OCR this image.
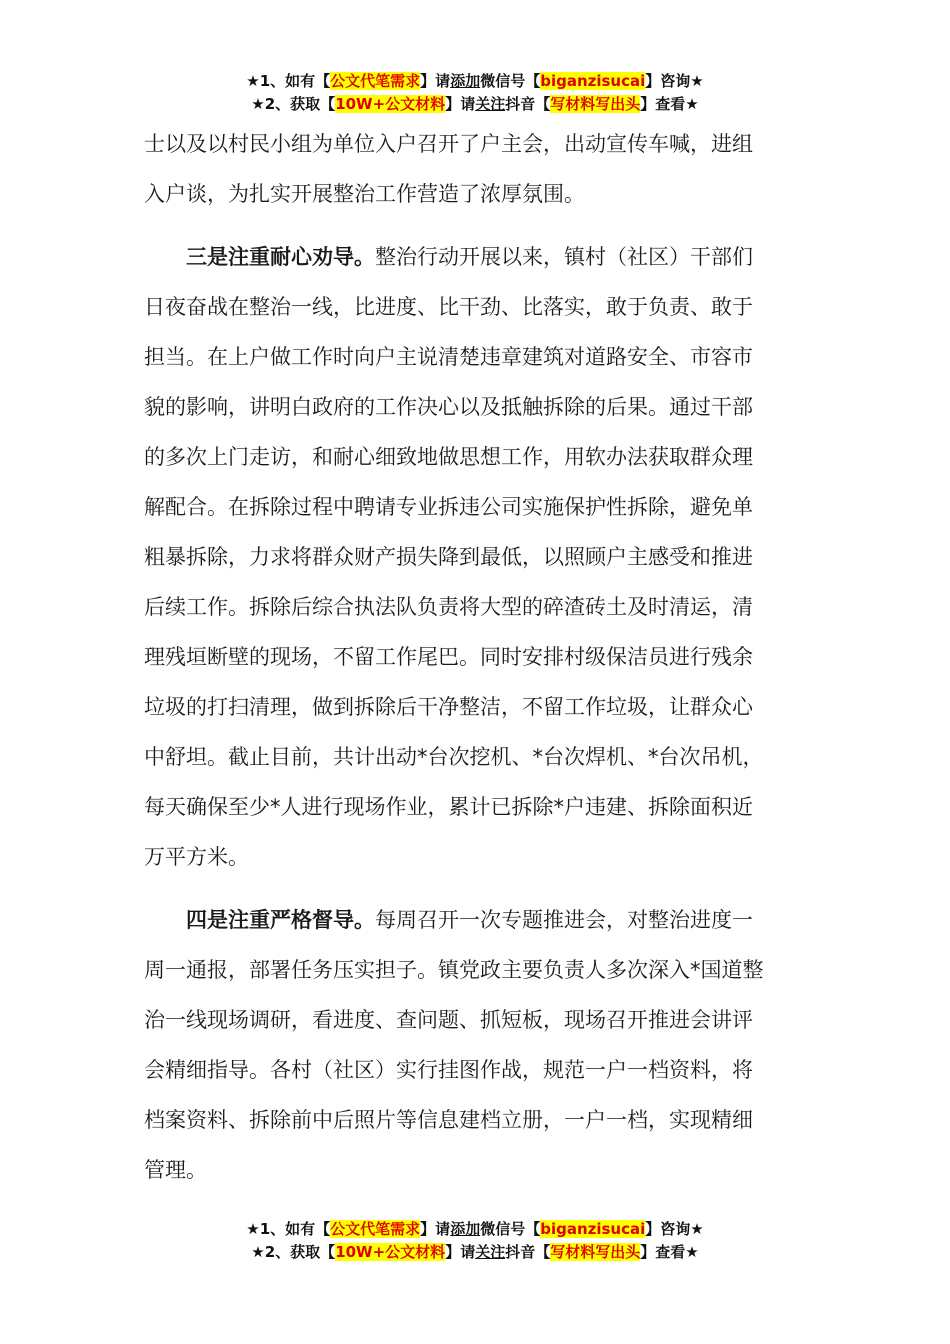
★1、如有【公文代笔需求】请添加微信号【biganzisucai】咨询★
★2、获取【10W+公文材料】请关注抖音【写材料写出头】查看★
士以及以村民小组为单位入户召开了户主会，出动宣传车喊，进组
入户谈，为扎实开展整治工作营造了浓厚氛围。
三是注重耐心劝导。整治行动开展以来，镇村（社区）干部们
日夜奋战在整治一线，比进度、比干劲、比落实，敢于负责、敢于
担当。在上户做工作时向户主说清楚违章建筑对道路安全、市容市
貌的影响，讲明白政府的工作决心以及抵触拆除的后果。通过干部
的多次上门走访，和耐心细致地做思想工作，用软办法获取群众理
解配合。在拆除过程中聘请专业拆违公司实施保护性拆除，避免单
粗暴拆除，力求将群众财产损失降到最低，以照顾户主感受和推进
后续工作。拆除后综合执法队负责将大型的碎渣砖土及时清运，清
理残垣断壁的现场，不留工作尾巴。同时安排村级保洁员进行残余
垃圾的打扫清理，做到拆除后干净整洁，不留工作垃圾，让群众心
中舒坦。截止目前，共计出动*台次挖机、*台次焊机、*台次吊机，
每天确保至少*人进行现场作业，累计已拆除*户违建、拆除面积近
万平方米。
四是注重严格督导。每周召开一次专题推进会，对整治进度一
周一通报，部署任务压实担子。镇党政主要负责人多次深入*国道整
治一线现场调研，看进度、查问题、抓短板，现场召开推进会讲评
会精细指导。各村（社区）实行挂图作战，规范一户一档资料，将
档案资料、拆除前中后照片等信息建档立册，一户一档，实现精细
管理。
★1、如有【公文代笔需求】请添加微信号【biganzisucai】咨询★
★2、获取【10W+公文材料】请关注抖音【写材料写出头】查看★
